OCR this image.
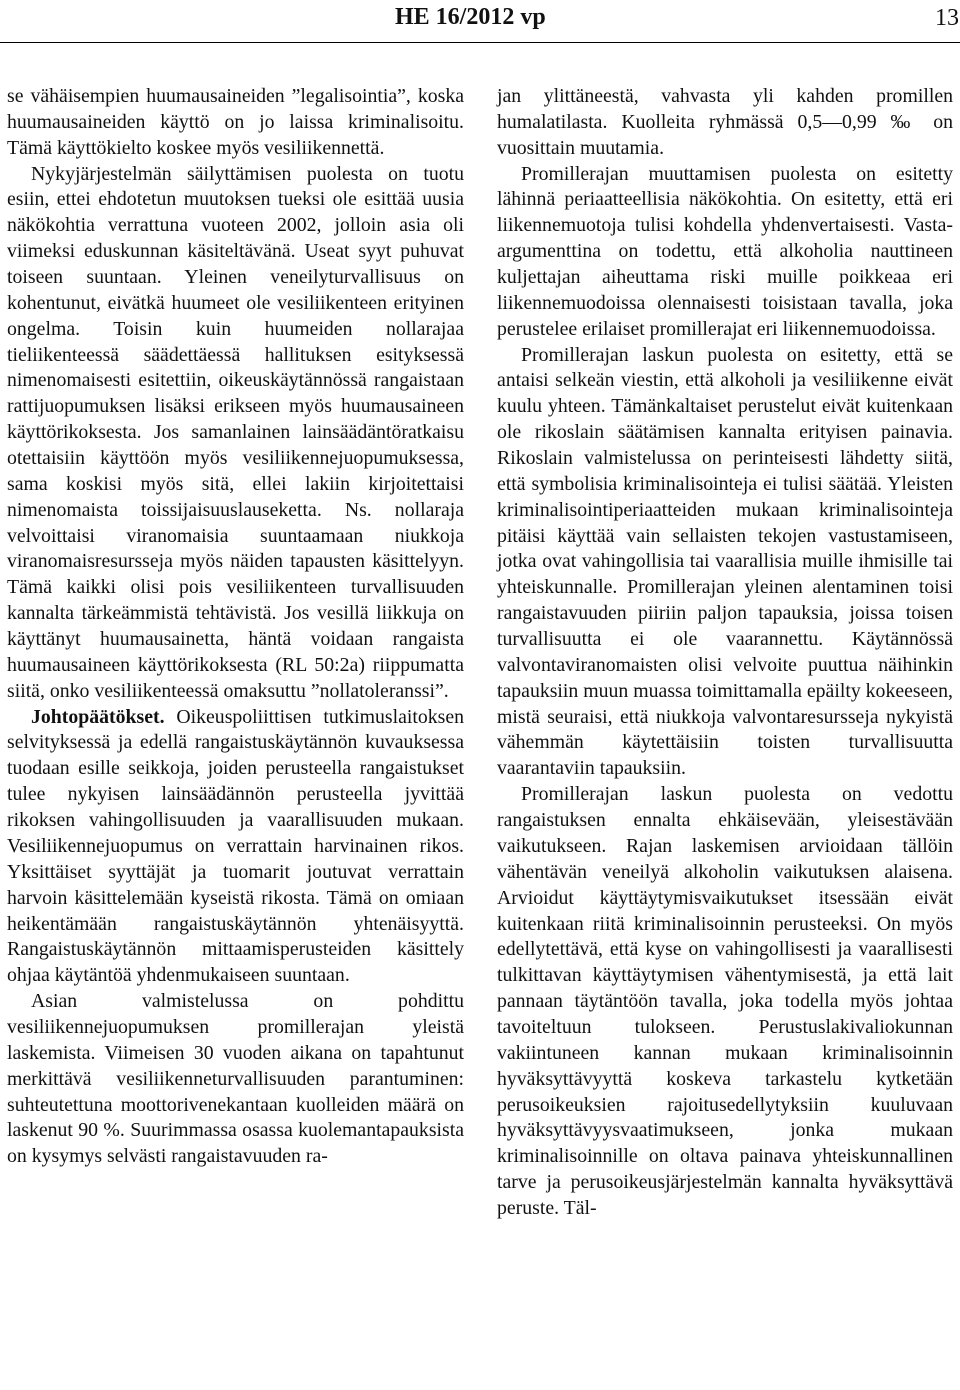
HE 16/2012 vp	13

se vähäisempien huumausaineiden ”legalisointia”, koska huumausaineiden käyttö on jo laissa kriminalisoitu. Tämä käyttökielto koskee myös vesiliikennettä.

Nykyjärjestelmän säilyttämisen puolesta on tuotu esiin, ettei ehdotetun muutoksen tueksi ole esittää uusia näkökohtia verrattuna vuoteen 2002, jolloin asia oli viimeksi eduskunnan käsiteltävänä. Useat syyt puhuvat toiseen suuntaan. Yleinen veneilyturvallisuus on kohentunut, eivätkä huumeet ole vesiliikenteen erityinen ongelma. Toisin kuin huumeiden nollarajaa tieliikenteessä säädettäessä hallituksen esityksessä nimenomaisesti esitettiin, oikeuskäytännössä rangaistaan rattijuopumuksen lisäksi erikseen myös huumausaineen käyttörikoksesta. Jos samanlainen lainsäädäntöratkaisu otettaisiin käyttöön myös vesiliikennejuopumuksessa, sama koskisi myös sitä, ellei lakiin kirjoitettaisi nimenomaista toissijaisuuslauseketta. Ns. nollaraja velvoittaisi viranomaisia suuntaamaan niukkoja viranomaisresursseja myös näiden tapausten käsittelyyn. Tämä kaikki olisi pois vesiliikenteen turvallisuuden kannalta tärkeämmistä tehtävistä. Jos vesillä liikkuja on käyttänyt huumausainetta, häntä voidaan rangaista huumausaineen käyttörikoksesta (RL 50:2a) riippumatta siitä, onko vesiliikenteessä omaksuttu ”nollatoleranssi”.

Johtopäätökset. Oikeuspoliittisen tutkimuslaitoksen selvityksessä ja edellä rangaistuskäytännön kuvauksessa tuodaan esille seikkoja, joiden perusteella rangaistukset tulee nykyisen lainsäädännön perusteella jyvittää rikoksen vahingollisuuden ja vaarallisuuden mukaan. Vesiliikennejuopumus on verrattain harvinainen rikos. Yksittäiset syyttäjät ja tuomarit joutuvat verrattain harvoin käsittelemään kyseistä rikosta. Tämä on omiaan heikentämään rangaistuskäytännön yhtenäisyyttä. Rangaistuskäytännön mittaamisperusteiden käsittely ohjaa käytäntöä yhdenmukaiseen suuntaan.

Asian valmistelussa on pohdittu vesiliikennejuopumuksen promillerajan yleistä laskemista. Viimeisen 30 vuoden aikana on tapahtunut merkittävä vesiliikenneturvallisuuden parantuminen: suhteutettuna moottorivenekantaan kuolleiden määrä on laskenut 90 %. Suurimmassa osassa kuolemantapauksista on kysymys selvästi rangaistavuuden ra-

jan ylittäneestä, vahvasta yli kahden promillen humalatilasta. Kuolleita ryhmässä 0,5—0,99 ‰ on vuosittain muutamia.

Promillerajan muuttamisen puolesta on esitetty lähinnä periaatteellisia näkökohtia. On esitetty, että eri liikennemuotoja tulisi kohdella yhdenvertaisesti. Vasta-argumenttina on todettu, että alkoholia nauttineen kuljettajan aiheuttama riski muille poikkeaa eri liikennemuodoissa olennaisesti toisistaan tavalla, joka perustelee erilaiset promillerajat eri liikennemuodoissa.

Promillerajan laskun puolesta on esitetty, että se antaisi selkeän viestin, että alkoholi ja vesiliikenne eivät kuulu yhteen. Tämänkaltaiset perustelut eivät kuitenkaan ole rikoslain säätämisen kannalta erityisen painavia. Rikoslain valmistelussa on perinteisesti lähdetty siitä, että symbolisia kriminalisointeja ei tulisi säätää. Yleisten kriminalisointiperiaatteiden mukaan kriminalisointeja pitäisi käyttää vain sellaisten tekojen vastustamiseen, jotka ovat vahingollisia tai vaarallisia muille ihmisille tai yhteiskunnalle. Promillerajan yleinen alentaminen toisi rangaistavuuden piiriin paljon tapauksia, joissa toisen turvallisuutta ei ole vaarannettu. Käytännössä valvontaviranomaisten olisi velvoite puuttua näihinkin tapauksiin muun muassa toimittamalla epäilty kokeeseen, mistä seuraisi, että niukkoja valvontaresursseja nykyistä vähemmän käytettäisiin toisten turvallisuutta vaarantaviin tapauksiin.

Promillerajan laskun puolesta on vedottu rangaistuksen ennalta ehkäisevään, yleisestävään vaikutukseen. Rajan laskemisen arvioidaan tällöin vähentävän veneilyä alkoholin vaikutuksen alaisena. Arvioidut käyttäytymisvaikutukset itsessään eivät kuitenkaan riitä kriminalisoinnin perusteeksi. On myös edellytettävä, että kyse on vahingollisesti ja vaarallisesti tulkittavan käyttäytymisen vähentymisestä, ja että lait pannaan täytäntöön tavalla, joka todella myös johtaa tavoiteltuun tulokseen. Perustuslakivaliokunnan vakiintuneen kannan mukaan kriminalisoinnin hyväksyttävyyttä koskeva tarkastelu kytketään perusoikeuksien rajoitusedellytyksiin kuuluvaan hyväksyttävyysvaatimukseen, jonka mukaan kriminalisoinnille on oltava painava yhteiskunnallinen tarve ja perusoikeusjärjestelmän kannalta hyväksyttävä peruste. Täl-
